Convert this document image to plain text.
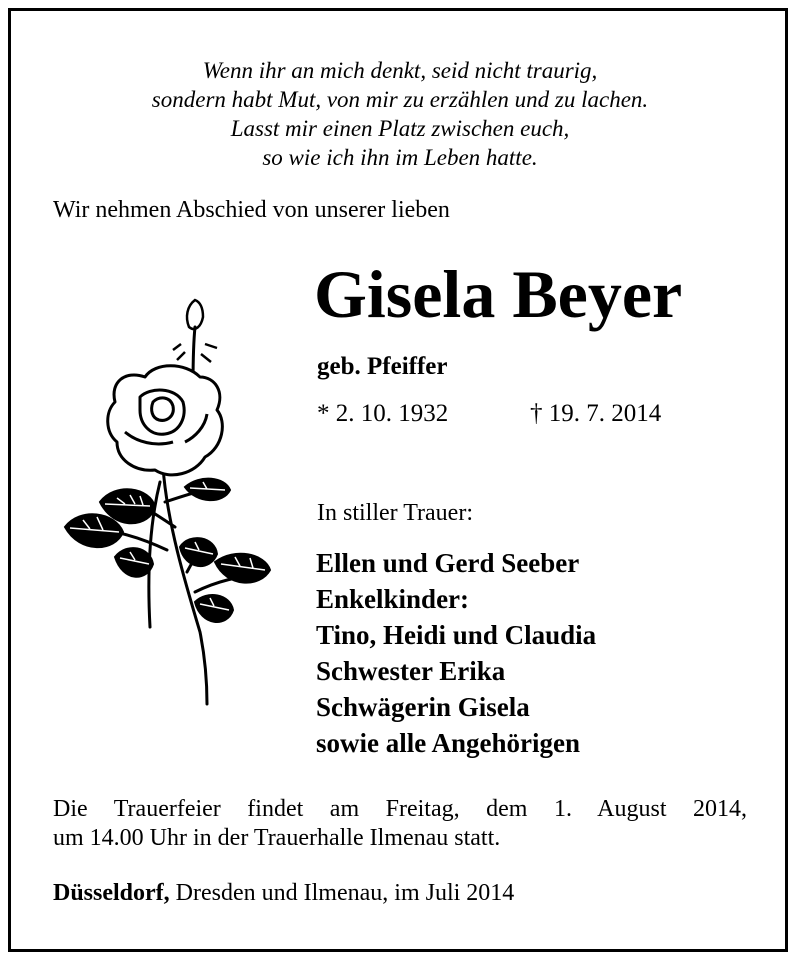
Wenn ihr an mich denkt, seid nicht traurig,
sondern habt Mut, von mir zu erzählen und zu lachen.
Lasst mir einen Platz zwischen euch,
so wie ich ihn im Leben hatte.
Wir nehmen Abschied von unserer lieben
Gisela Beyer
geb. Pfeiffer
* 2. 10. 1932	† 19. 7. 2014
In stiller Trauer:
Ellen und Gerd Seeber
Enkelkinder:
Tino, Heidi und Claudia
Schwester Erika
Schwägerin Gisela
sowie alle Angehörigen
Die Trauerfeier findet am Freitag, dem 1. August 2014,
um 14.00 Uhr in der Trauerhalle Ilmenau statt.
Düsseldorf, Dresden und Ilmenau, im Juli 2014
